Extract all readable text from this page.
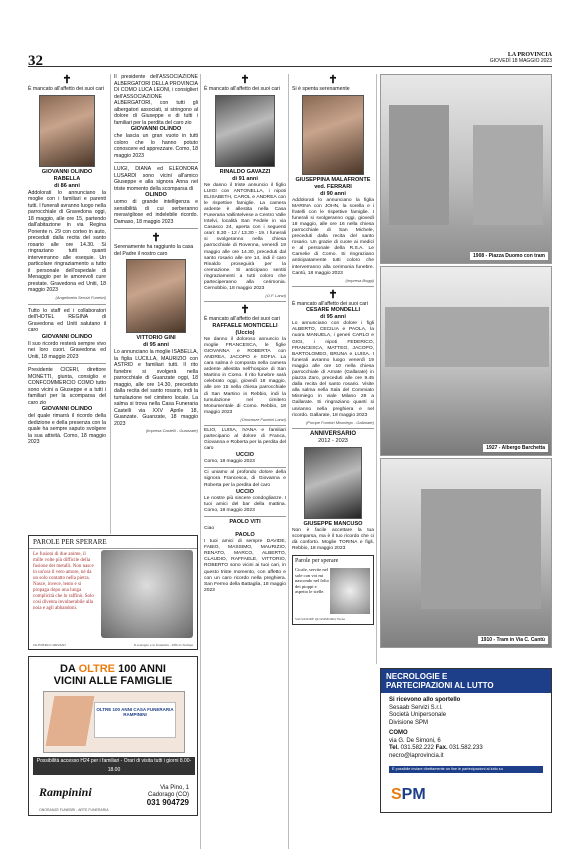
32	LA PROVINCIA
GIOVEDÌ 18 MAGGIO 2023
✝
È mancato all'affetto dei suoi cari
GIOVANNI OLINDO RABELLA
di 86 anni
Addolorati lo annunciano la moglie con i familiari e parenti tutti. I funerali avranno luogo nella parrocchiale di Gravedona oggi, 18 maggio, alle ore 15, partendo dall'abitazione in via Regina Ponente n. 29 con corteo in auto, preceduti dalla recita del santo rosario alle ore 14.30. Si ringraziano tutti quanti interverranno alle esequie. Un particolare ringraziamento a tutto il personale dell'ospedale di Menaggio per le amorevoli cure prestate. Gravedona ed Uniti, 18 maggio 2023
(Angelinetta Servizi Funebri)
Tutto lo staff ed i collaboratori dell'HOTEL REGINA di Gravedona ed Uniti salutano il caro
GIOVANNI OLINDO
Il suo ricordo resterà sempre vivo nei loro cuori. Gravedona ed Uniti, 18 maggio 2023
Presidente CICERI, direttore MONETTI, giunta, consiglio e CONFCOMMERCIO COMO tutto sono vicini a Giuseppe e a tutti i familiari per la scomparsa del caro zio
GIOVANNI OLINDO
del quale rimarrà il ricordo della dedizione e della presenza con la quale ha sempre saputo svolgere la sua attività. Como, 18 maggio 2023
Il presidente dell'ASSOCIAZIONE ALBERGATORI DELLA PROVINCIA DI COMO LUCA LEONI, i consiglieri dell'ASSOCIAZIONE ALBERGATORI, con tutti gli albergatori associati, si stringono al dolore di Giuseppe e di tutti i familiari per la perdita del caro zio
GIOVANNI OLINDO
che lascia un gran vuoto in tutti coloro che lo hanno potuto conoscere ed apprezzare. Como, 18 maggio 2023
LUIGI, DIANA ed ELEONORA LUSARDI sono vicini all'amico Giuseppe e alla signora Anna nel triste momento della scomparsa di
OLINDO
uomo di grande intelligenza e sensibilità di cui serberanno meravigliose ed indelebile ricordo. Damaso, 18 maggio 2023
✝
Serenamente ha raggiunto la casa del Padre il nostro caro
VITTORIO GINI
di 95 anni
Lo annunciano la moglie ISABELLA, la figlia LUCILLA, MAURIZIO con ASTRID e familiari tutti. Il rito funebre si svolgerà nella parrocchiale di Guanzate oggi, 18 maggio, alle ore 14.30, preceduto dalla recita del santo rosario, indi la tumulazione nel cimitero locale. La salma si trova nella Casa Funeraria Castelli via XXV Aprile 18, Guanzate. Guanzate, 18 maggio 2023
(Impresa Castelli - Guanzate)
✝
È mancato all'affetto dei suoi cari
RINALDO GAVAZZI
di 91 anni
Ne danno il triste annuncio il figlio LUIGI con ANTONELLA, i nipoti ELISABETH, CAROL e ANDREA con le rispettive famiglie. La camera ardente è allestita nella Casa Funeraria Vallintelvese a Centro Valle Intelvi, località San Fedele in via Casasco 24, aperta con i seguenti orari: 8.30 - 12 / 13.30 - 19. I funerali si svolgeranno nella chiesa parrocchiale di Rovenna, venerdì 19 maggio alle ore 14.30, preceduti dal santo rosario alle ore 14, indi il caro Rinaldo proseguirà per la cremazione. Si anticipano sentiti ringraziamenti a tutti coloro che parteciperanno alla cerimonia. Cernobbio, 18 maggio 2023
(O.F. Lanzi)
✝
È mancato all'affetto dei suoi cari
RAFFAELE MONTICELLI
(Uccio)
Ne danno il doloroso annuncio la moglie FRANCESCA, le figlie GIOVANNA e ROBERTA con ANDREA, JACOPO e SOFIA. La cara salma è composta nella camera ardente allestita nell'hospice di San Martino in Como. Il rito funebre sarà celebrato oggi, giovedì 18 maggio, alle ore 15 nella chiesa parrocchiale di San Martino in Rebbio, indi la tumulazione nel cimitero Monumentale di Como. Rebbio, 18 maggio 2023
(Onoranze Funebri Lanzi)
ELIO, LUISA, IVANA e familiari partecipano al dolore di Franca, Giovanna e Roberta per la perdita del caro
UCCIO
Como, 18 maggio 2023
Ci uniamo al profondo dolore della signora Francesca, di Giovanna e Roberta per la perdita del caro
UCCIO
Le nostre più sincere condoglianze. I tuoi amici del bar della mattina. Como, 18 maggio 2023
PAOLO VITI
Ciao
PAOLO
I tuoi amici di sempre DAVIDE, FABIO, MASSIMO, MAURIZIO, RENATO, MARCO, ALBERTO, CLAUDIO, RAFFAELE, VITTORIO, ROBERTO sono vicini ai tuoi cari, in questo triste momento, con affetto e con un caro ricordo nella preghiera. San Fermo della Battaglia, 18 maggio 2023
✝
Si è spenta serenamente
GIUSEPPINA MALAFRONTE ved. FERRARI
di 90 anni
Addolorati lo annunciano la figlia MARINA con JOHN, la sorella e i fratelli con le rispettive famiglie. I funerali si svolgeranno oggi, giovedì 18 maggio, alle ore 16 nella chiesa parrocchiale di San Michele, preceduti dalla recita del santo rosario. Un grazie di cuore ai medici e al personale della R.S.A. Le Camelie di Como. Si ringraziano anticipatamente tutti coloro che interverranno alla cerimonia funebre. Cantù, 18 maggio 2023
(Impresa Boggi)
✝
È mancato all'affetto dei suoi cari
CESARE MONDELLI
di 95 anni
Lo annunciano con dolore i figli ALBERTO, CECILIA e PAOLA, la nuora MANUELA, i generi CARLO e GIGI, i nipoti FEDERICO, FRANCESCA, MATTEO, JACOPO, BARTOLOMEO, BRUNA e LUISA. I funerali avranno luogo venerdì 19 maggio alle ore 10 nella chiesa parrocchiale di Arnate (Gallarate) in piazza Zaro, preceduti alle ore 9.45 dalla recita del santo rosario. Visite alla salma nella Sala del Commiato Mismiego in viale Milano 29 a Gallarate. Si ringraziano quanti si uniranno nella preghiera e nel ricordo. Gallarate, 18 maggio 2023
(Pompe Funebri Mismiego - Gallarate)
ANNIVERSARIO
2012 - 2023
GIUSEPPE MANCUSO
Non è facile accettare la tua scomparsa, ma è il tuo ricordo che ci dà conforto. Moglie TORINA e figli. Rebbio, 18 maggio 2023
Parole per sperare
Cicale, servite nel sole con voi mi nascondo nel folto dei pioppi e aspetto le stelle.
SALVATORE QUASIMODO, Elena
1908 - Piazza Duomo con tram
1927 - Albergo Barchetta
1910 - Tram in Via C. Cantù
PAROLE PER SPERARE
Le fusioni di due anime, il mille volte più difficile della fusione dei metalli. Non nasce in un'ora il vero amore, né da un solo contatto nella pietra. Nasce, invece, lento e si propaga dopo una lunga complicità che lo raffinò. Solo così diventa invulnerabile alla noia e agli abbandoni.
OLIVIERO CORVANI	Il sostegno e la fraternità - Ufficio Stampa
DA OLTRE 100 ANNI
VICINI ALLE FAMIGLIE
OLTRE 100 ANNI CASA FUNERARIA RAMPININI
Possibilità accesso H24 per i familiari - Orari di visita tutti i giorni 8.00-18.00
Rampinini	Via Pino, 1
Cadorago (CO)
031 904729
ONORANZE FUNEBRI - ARTE FUNERARIA
NECROLOGIE E
PARTECIPAZIONI AL LUTTO
Si ricevono allo sportello
Sesaab Servizi S.r.l.
Società Unipersonale
Divisione SPM
COMO
via G. De Simoni, 6
Tel. 031.582.222 Fax. 031.582.233
necro@laprovincia.it
È possibile inviare direttamente on line le partecipazioni al lutto su
SPM
